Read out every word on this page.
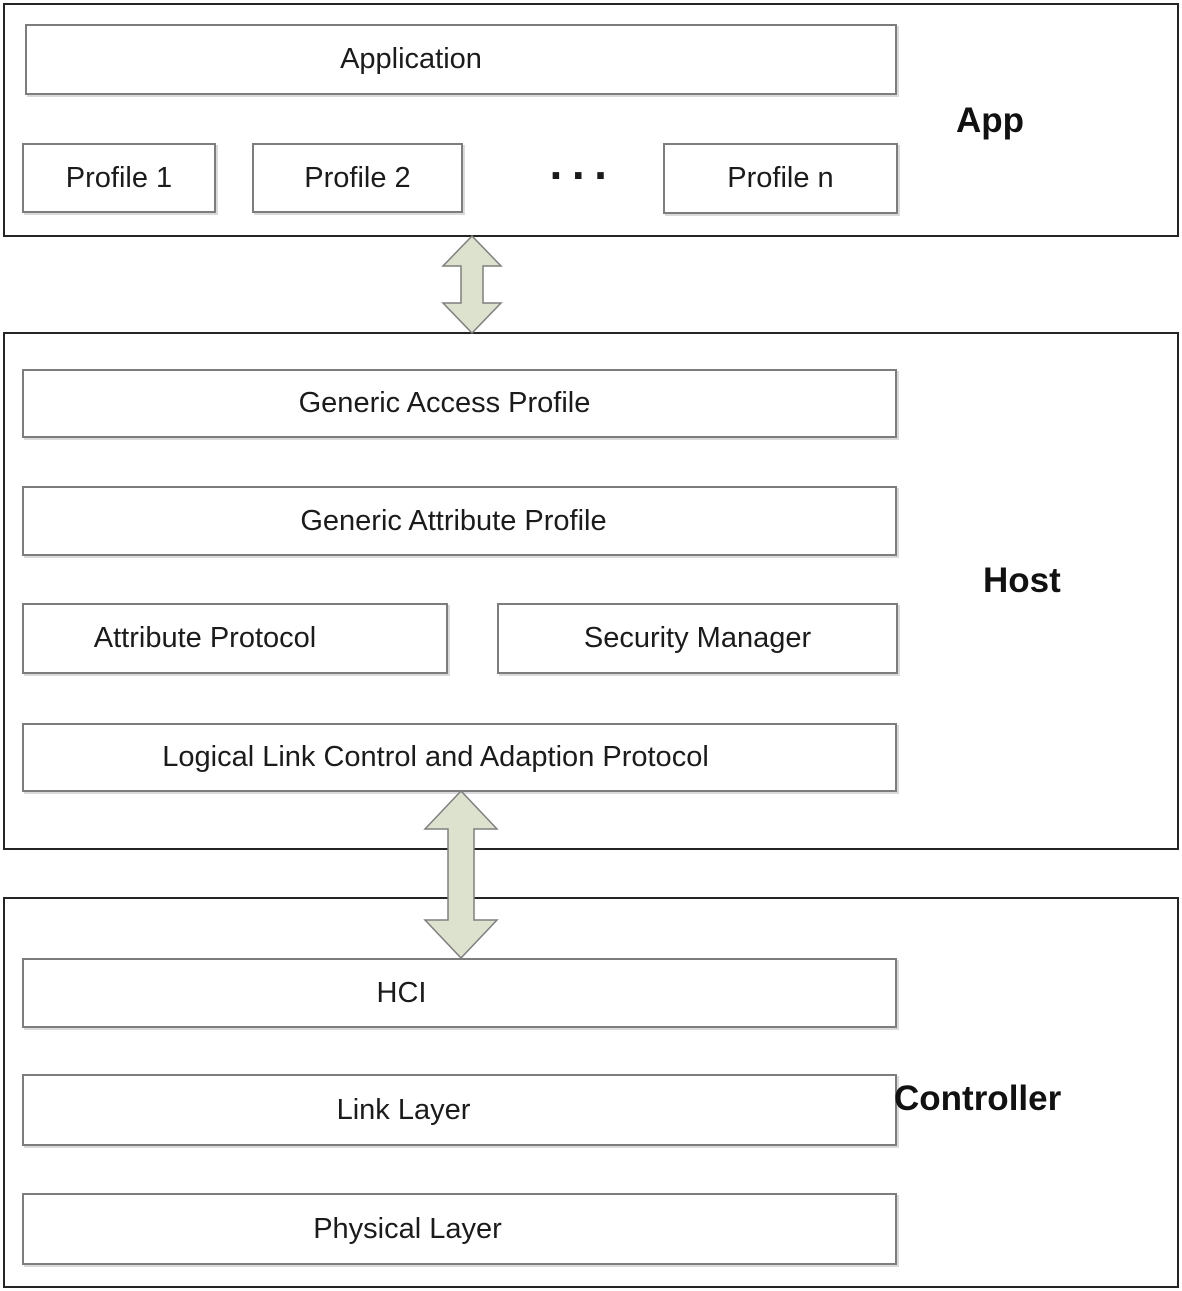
Application
Profile 1	Profile 2	···	Profile n
App
Generic Access Profile
Generic Attribute Profile
Attribute Protocol	Security Manager
Logical Link Control and Adaption Protocol
Host
HCI
Link Layer
Physical Layer
Controller
